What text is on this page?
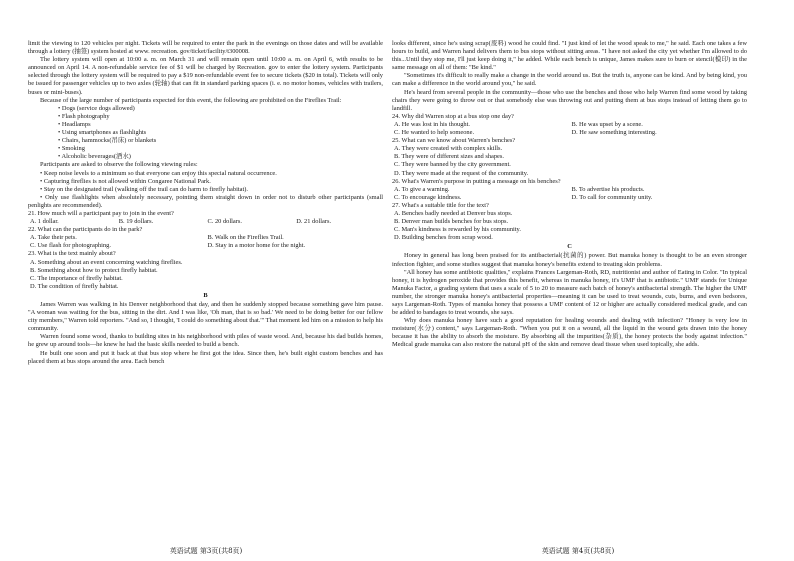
limit the viewing to 120 vehicles per night. Tickets will be required to enter the park in the evenings on those dates and will be available through a lottery (抽签) system hosted at www. recreation. gov/ticket/facility/t300008.

The lottery system will open at 10:00 a. m. on March 31 and will remain open until 10:00 a. m. on April 6, with results to be announced on April 14. A non-refundable service fee of $1 will be charged by Recreation. gov to enter the lottery system. Participants selected through the lottery system will be required to pay a $19 non-refundable event fee to secure tickets ($20 in total). Tickets will only be issued for passenger vehicles up to two axles (轮轴) that can fit in standard parking spaces (i. e. no motor homes, vehicles with trailers, buses or mini-buses).

Because of the large number of participants expected for this event, the following are prohibited on the Fireflies Trail:

• Dogs (service dogs allowed)
• Flash photography
• Headlamps
• Using smartphones as flashlights
• Chairs, hammocks(吊床) or blankets
• Smoking
• Alcoholic beverages(酒水)

Participants are asked to observe the following viewing rules:

• Keep noise levels to a minimum so that everyone can enjoy this special natural occurrence.

• Capturing fireflies is not allowed within Congaree National Park.

• Stay on the designated trail (walking off the trail can do harm to firefly habitat).

• Only use flashlights when absolutely necessary, pointing them straight down in order not to disturb other participants (small penlights are recommended).

21. How much will a participant pay to join in the event?
A. 1 dollar.	B. 19 dollars.	C. 20 dollars.	D. 21 dollars.
22. What can the participants do in the park?
A. Take their pets.	B. Walk on the Fireflies Trail.
C. Use flash for photographing.	D. Stay in a motor home for the night.
23. What is the text mainly about?
A. Something about an event concerning watching fireflies.
B. Something about how to protect firefly habitat.
C. The importance of firefly habitat.
D. The condition of firefly habitat.
B

James Warren was walking in his Denver neighborhood that day, and then he suddenly stopped because something gave him pause. "A woman was waiting for the bus, sitting in the dirt. And I was like, 'Oh man, that is so bad.' We need to be doing better for our fellow city members," Warren told reporters. "And so, I thought, 'I could do something about that.'" That moment led him on a mission to help his community.

Warren found some wood, thanks to building sites in his neighborhood with piles of waste wood. And, because his dad builds homes, he grew up around tools—he knew he had the basic skills needed to build a bench.

He built one soon and put it back at that bus stop where he first got the idea. Since then, he's built eight custom benches and has placed them at bus stops around the area. Each bench

looks different, since he's using scrap(废料) wood he could find. "I just kind of let the wood speak to me," he said. Each one takes a few hours to build, and Warren hand delivers them to bus stops without sitting areas. "I have not asked the city yet whether I'm allowed to do this...Until they stop me, I'll just keep doing it," he added. While each bench is unique, James makes sure to burn or stencil(模印) in the same message on all of them: "Be kind."

"Sometimes it's difficult to really make a change in the world around us. But the truth is, anyone can be kind. And by being kind, you can make a difference in the world around you," he said.

He's heard from several people in the community—those who use the benches and those who help Warren find some wood by taking chairs they were going to throw out or that somebody else was throwing out and putting them at bus stops instead of letting them go to landfill.

24. Why did Warren stop at a bus stop one day?
A. He was lost in his thought.	B. He was upset by a scene.
C. He wanted to help someone.	D. He saw something interesting.
25. What can we know about Warren's benches?
A. They were created with complex skills.
B. They were of different sizes and shapes.
C. They were banned by the city government.
D. They were made at the request of the community.
26. What's Warren's purpose in putting a message on his benches?
A. To give a warning.	B. To advertise his products.
C. To encourage kindness.	D. To call for community unity.
27. What's a suitable title for the text?
A. Benches badly needed at Denver bus stops.
B. Denver man builds benches for bus stops.
C. Man's kindness is rewarded by his community.
D. Building benches from scrap wood.
C

Honey in general has long been praised for its antibacterial(抗菌的) power. But manuka honey is thought to be an even stronger infection fighter, and some studies suggest that manuka honey's benefits extend to treating skin problems.

"All honey has some antibiotic qualities," explains Frances Largeman-Roth, RD, nutritionist and author of Eating in Color. "In typical honey, it is hydrogen peroxide that provides this benefit, whereas in manuka honey, it's UMF that is antibiotic." UMF stands for Unique Manuka Factor, a grading system that uses a scale of 5 to 20 to measure each batch of honey's antibacterial strength. The higher the UMF number, the stronger manuka honey's antibacterial properties—meaning it can be used to treat wounds, cuts, burns, and even bedsores, says Largeman-Roth. Types of manuka honey that possess a UMF content of 12 or higher are actually considered medical grade, and can be added to bandages to treat wounds, she says.

Why does manuka honey have such a good reputation for healing wounds and dealing with infection? "Honey is very low in moisture(水分) content," says Largeman-Roth. "When you put it on a wound, all the liquid in the wound gets drawn into the honey because it has the ability to absorb the moisture. By absorbing all the impurities(杂质), the honey protects the body against infection." Medical grade manuka can also restore the natural pH of the skin and remove dead tissue when used topically, she adds.

英语试题 第3页(共8页)	英语试题 第4页(共8页)
